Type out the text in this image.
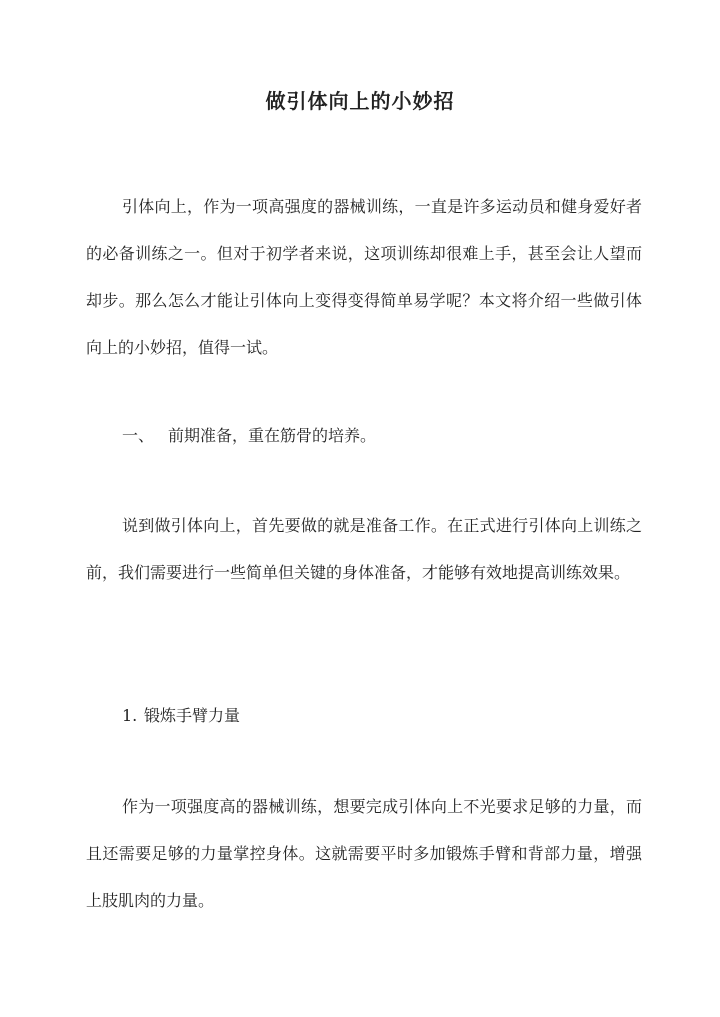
做引体向上的小妙招

引体向上，作为一项高强度的器械训练，一直是许多运动员和健身爱好者的必备训练之一。但对于初学者来说，这项训练却很难上手，甚至会让人望而却步。那么怎么才能让引体向上变得变得简单易学呢？本文将介绍一些做引体向上的小妙招，值得一试。

一、 前期准备，重在筋骨的培养。

说到做引体向上，首先要做的就是准备工作。在正式进行引体向上训练之前，我们需要进行一些简单但关键的身体准备，才能够有效地提高训练效果。

1. 锻炼手臂力量

作为一项强度高的器械训练，想要完成引体向上不光要求足够的力量，而且还需要足够的力量掌控身体。这就需要平时多加锻炼手臂和背部力量，增强上肢肌肉的力量。
